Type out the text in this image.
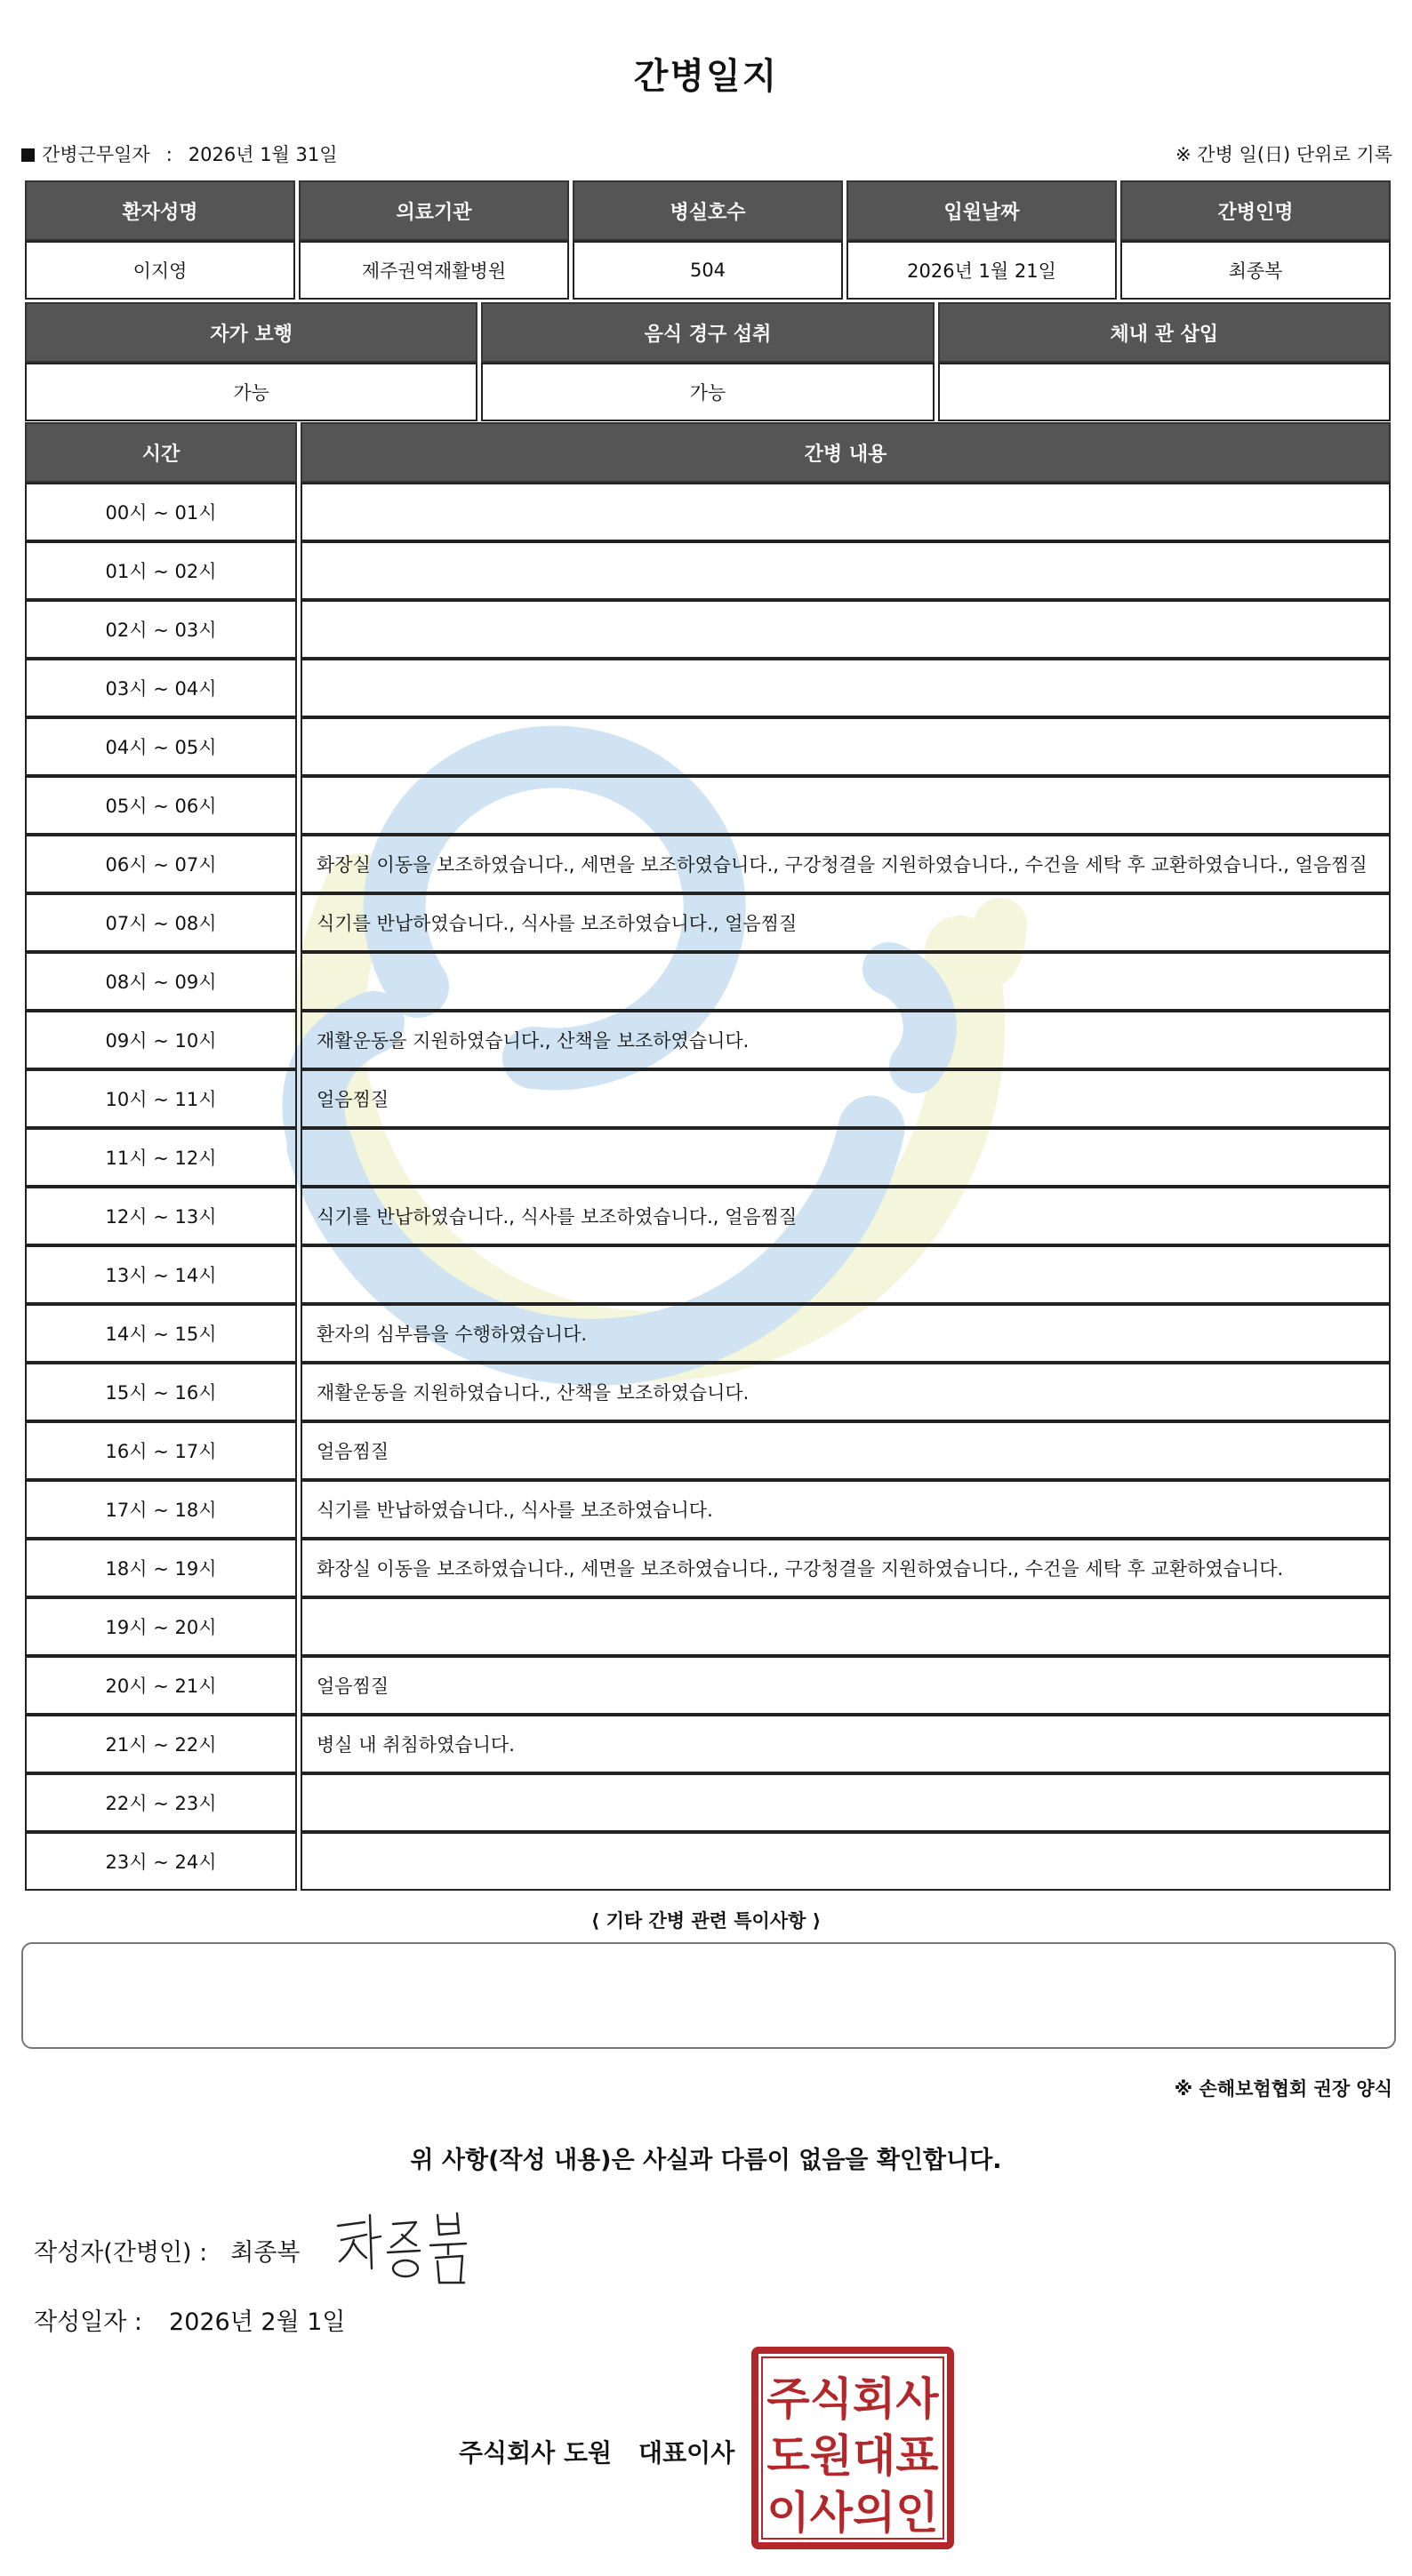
간병일지
간병근무일자 : 2026년 1월 31일	※ 간병 일(日) 단위로 기록
환자성명	의료기관	병실호수	입원날짜	간병인명
이지영	제주권역재활병원	504	2026년 1월 21일	최종복
자가 보행	음식 경구 섭취	체내 관 삽입
가능	가능	
시간	간병 내용
00시 ~ 01시	
01시 ~ 02시	
02시 ~ 03시	
03시 ~ 04시	
04시 ~ 05시	
05시 ~ 06시	
06시 ~ 07시	화장실 이동을 보조하였습니다., 세면을 보조하였습니다., 구강청결을 지원하였습니다., 수건을 세탁 후 교환하였습니다., 얼음찜질
07시 ~ 08시	식기를 반납하였습니다., 식사를 보조하였습니다., 얼음찜질
08시 ~ 09시	
09시 ~ 10시	재활운동을 지원하였습니다., 산책을 보조하였습니다.
10시 ~ 11시	얼음찜질
11시 ~ 12시	
12시 ~ 13시	식기를 반납하였습니다., 식사를 보조하였습니다., 얼음찜질
13시 ~ 14시	
14시 ~ 15시	환자의 심부름을 수행하였습니다.
15시 ~ 16시	재활운동을 지원하였습니다., 산책을 보조하였습니다.
16시 ~ 17시	얼음찜질
17시 ~ 18시	식기를 반납하였습니다., 식사를 보조하였습니다.
18시 ~ 19시	화장실 이동을 보조하였습니다., 세면을 보조하였습니다., 구강청결을 지원하였습니다., 수건을 세탁 후 교환하였습니다.
19시 ~ 20시	
20시 ~ 21시	얼음찜질
21시 ~ 22시	병실 내 취침하였습니다.
22시 ~ 23시	
23시 ~ 24시	
⟨ 기타 간병 관련 특이사항 ⟩
※ 손해보험협회 권장 양식
위 사항(작성 내용)은 사실과 다름이 없음을 확인합니다.
작성자(간병인) : 최종복
작성일자 : 2026년 2월 1일
주식회사 도원 대표이사
주식회사
도원대표
이사의인
